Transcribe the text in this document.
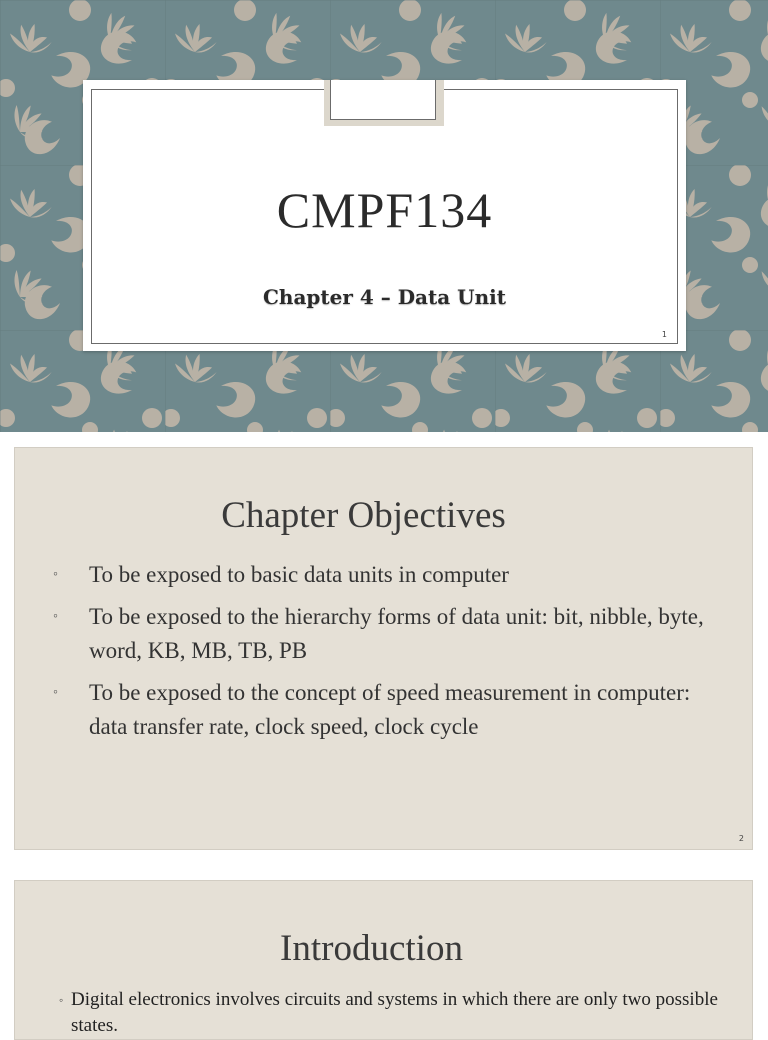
CMPF134
Chapter 4 – Data Unit
1
Chapter Objectives
◦ To be exposed to basic data units in computer
◦ To be exposed to the hierarchy forms of data unit: bit, nibble, byte, word, KB, MB, TB, PB
◦ To be exposed to the concept of speed measurement in computer: data transfer rate, clock speed, clock cycle
2
Introduction
◦ Digital electronics involves circuits and systems in which there are only two possible states.
